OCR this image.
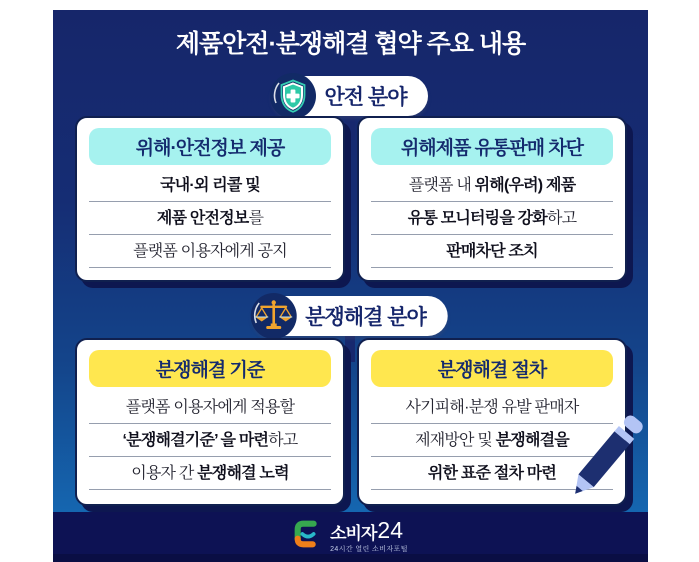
제품안전·분쟁해결 협약 주요 내용
안전 분야
위해·안전정보 제공
국내·외 리콜 및
제품 안전정보를
플랫폼 이용자에게 공지
위해제품 유통판매 차단
플랫폼 내 위해(우려) 제품
유통 모니터링을 강화하고
판매차단 조치
분쟁해결 분야
분쟁해결 기준
플랫폼 이용자에게 적용할
‘분쟁해결기준’ 을 마련하고
이용자 간 분쟁해결 노력
분쟁해결 절차
사기피해·분쟁 유발 판매자
제재방안 및 분쟁해결을
위한 표준 절차 마련
소비자 24
24시간 열린 소비자포털
